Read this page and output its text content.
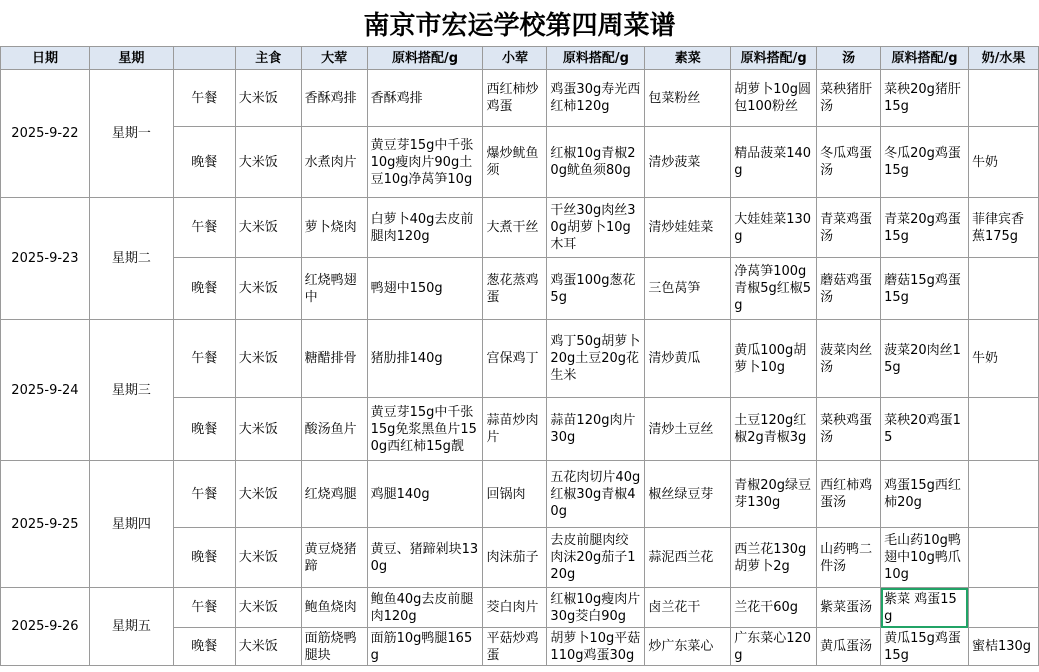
南京市宏运学校第四周菜谱
日期	星期		主食	大荤	原料搭配/g	小荤	原料搭配/g	素菜	原料搭配/g	汤	原料搭配/g	奶/水果
2025-9-22	星期一	午餐	大米饭	香酥鸡排	香酥鸡排	西红柿炒鸡蛋	鸡蛋30g寿光西红柿120g	包菜粉丝	胡萝卜10g圆包100粉丝	菜秧猪肝汤	菜秧20g猪肝15g	
		晚餐	大米饭	水煮肉片	黄豆芽15g中千张10g瘦肉片90g土豆10g净莴笋10g	爆炒鱿鱼须	红椒10g青椒20g鱿鱼须80g	清炒菠菜	精品菠菜140g	冬瓜鸡蛋汤	冬瓜20g鸡蛋15g	牛奶
2025-9-23	星期二	午餐	大米饭	萝卜烧肉	白萝卜40g去皮前腿肉120g	大煮干丝	干丝30g肉丝30g胡萝卜10g木耳	清炒娃娃菜	大娃娃菜130g	青菜鸡蛋汤	青菜20g鸡蛋15g	菲律宾香蕉175g
		晚餐	大米饭	红烧鸭翅中	鸭翅中150g	葱花蒸鸡蛋	鸡蛋100g葱花5g	三色莴笋	净莴笋100g青椒5g红椒5g	蘑菇鸡蛋汤	蘑菇15g鸡蛋15g	
2025-9-24	星期三	午餐	大米饭	糖醋排骨	猪肋排140g	宫保鸡丁	鸡丁50g胡萝卜20g土豆20g花生米	清炒黄瓜	黄瓜100g胡萝卜10g	菠菜肉丝汤	菠菜20肉丝15g	牛奶
		晚餐	大米饭	酸汤鱼片	黄豆芽15g中千张15g免浆黑鱼片150g西红柿15g靓	蒜苗炒肉片	蒜苗120g肉片30g	清炒土豆丝	土豆120g红椒2g青椒3g	菜秧鸡蛋汤	菜秧20鸡蛋15	
2025-9-25	星期四	午餐	大米饭	红烧鸡腿	鸡腿140g	回锅肉	五花肉切片40g红椒30g青椒40g	椒丝绿豆芽	青椒20g绿豆芽130g	西红柿鸡蛋汤	鸡蛋15g西红柿20g	
		晚餐	大米饭	黄豆烧猪蹄	黄豆、猪蹄剁块130g	肉沫茄子	去皮前腿肉绞肉沫20g茄子120g	蒜泥西兰花	西兰花130g胡萝卜2g	山药鸭二件汤	毛山药10g鸭翅中10g鸭爪10g	
2025-9-26	星期五	午餐	大米饭	鲍鱼烧肉	鲍鱼40g去皮前腿肉120g	茭白肉片	红椒10g瘦肉片30g茭白90g	卤兰花干	兰花干60g	紫菜蛋汤	紫菜 鸡蛋15g	
		晚餐	大米饭	面筋烧鸭腿块	面筋10g鸭腿165g	平菇炒鸡蛋	胡萝卜10g平菇110g鸡蛋30g	炒广东菜心	广东菜心120g	黄瓜蛋汤	黄瓜15g鸡蛋15g	蜜桔130g
